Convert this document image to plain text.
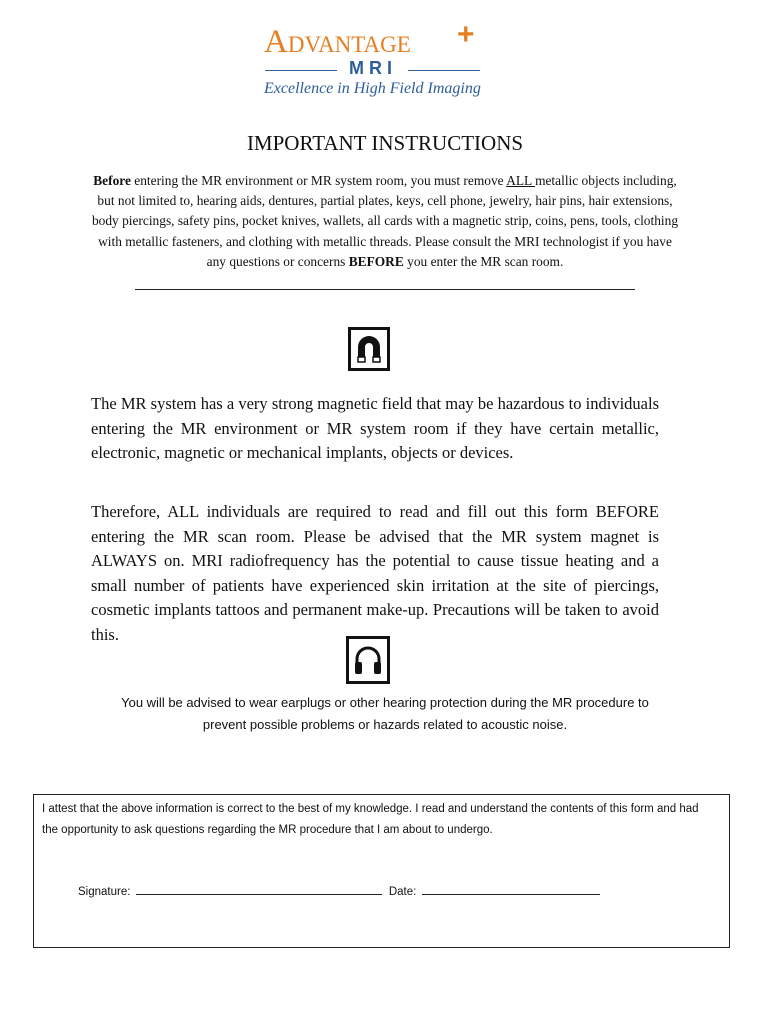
Advantage +
MRI
Excellence in High Field Imaging
IMPORTANT INSTRUCTIONS
Before entering the MR environment or MR system room, you must remove ALL metallic objects including, but not limited to, hearing aids, dentures, partial plates, keys, cell phone, jewelry, hair pins, hair extensions, body piercings, safety pins, pocket knives, wallets, all cards with a magnetic strip, coins, pens, tools, clothing with metallic fasteners, and clothing with metallic threads. Please consult the MRI technologist if you have any questions or concerns BEFORE you enter the MR scan room.
The MR system has a very strong magnetic field that may be hazardous to individuals entering the MR environment or MR system room if they have certain metallic, electronic, magnetic or mechanical implants, objects or devices.
Therefore, ALL individuals are required to read and fill out this form BEFORE entering the MR scan room. Please be advised that the MR system magnet is ALWAYS on. MRI radiofrequency has the potential to cause tissue heating and a small number of patients have experienced skin irritation at the site of piercings, cosmetic implants tattoos and permanent make-up. Precautions will be taken to avoid this.
You will be advised to wear earplugs or other hearing protection during the MR procedure to prevent possible problems or hazards related to acoustic noise.
I attest that the above information is correct to the best of my knowledge. I read and understand the contents of this form and had the opportunity to ask questions regarding the MR procedure that I am about to undergo.
Signature:	Date:
